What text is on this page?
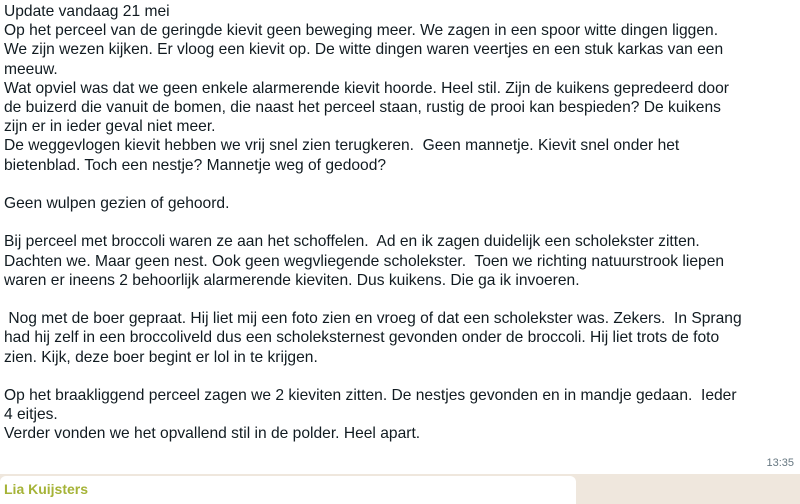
Update vandaag 21 mei
Op het perceel van de geringde kievit geen beweging meer. We zagen in een spoor witte dingen liggen.
We zijn wezen kijken. Er vloog een kievit op. De witte dingen waren veertjes en een stuk karkas van een
meeuw.
Wat opviel was dat we geen enkele alarmerende kievit hoorde. Heel stil. Zijn de kuikens gepredeerd door
de buizerd die vanuit de bomen, die naast het perceel staan, rustig de prooi kan bespieden? De kuikens
zijn er in ieder geval niet meer.
De weggevlogen kievit hebben we vrij snel zien terugkeren.  Geen mannetje. Kievit snel onder het
bietenblad. Toch een nestje? Mannetje weg of gedood?

Geen wulpen gezien of gehoord.

Bij perceel met broccoli waren ze aan het schoffelen.  Ad en ik zagen duidelijk een scholekster zitten.
Dachten we. Maar geen nest. Ook geen wegvliegende scholekster.  Toen we richting natuurstrook liepen
waren er ineens 2 behoorlijk alarmerende kieviten. Dus kuikens. Die ga ik invoeren.

Nog met de boer gepraat. Hij liet mij een foto zien en vroeg of dat een scholekster was. Zekers.  In Sprang
had hij zelf in een broccoliveld dus een scholeksternest gevonden onder de broccoli. Hij liet trots de foto
zien. Kijk, deze boer begint er lol in te krijgen.

Op het braakliggend perceel zagen we 2 kieviten zitten. De nestjes gevonden en in mandje gedaan.  Ieder
4 eitjes.
Verder vonden we het opvallend stil in de polder. Heel apart.

13:35
Lia Kuijsters
